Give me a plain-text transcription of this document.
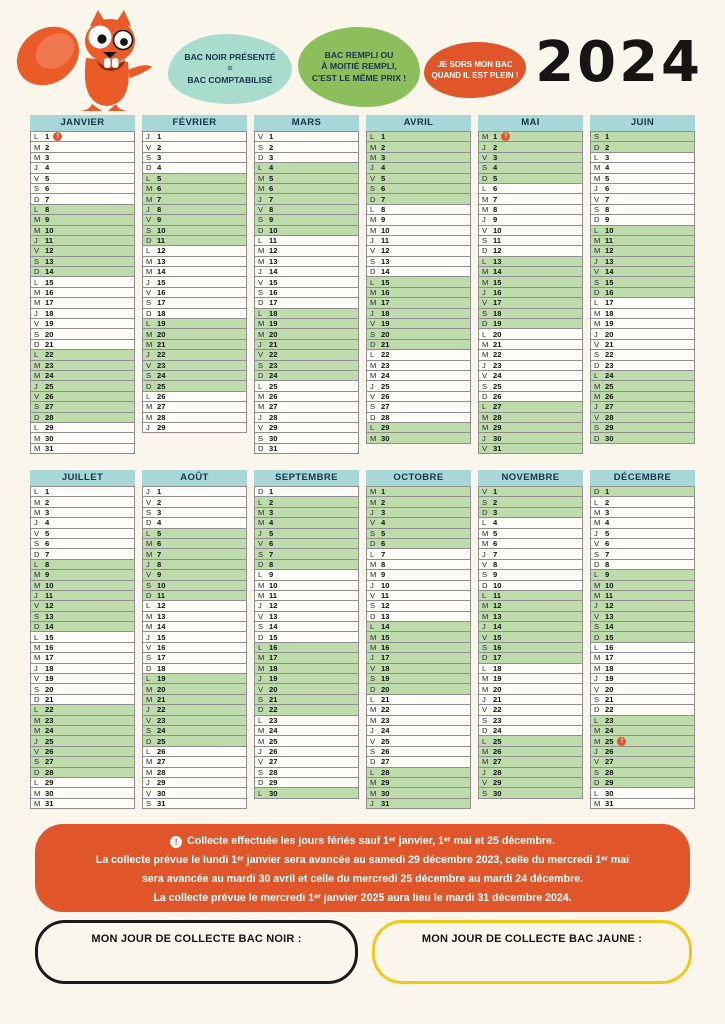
BAC NOIR PRÉSENTÉ
=
BAC COMPTABILISÉ
BAC REMPLI OU
À MOITIÉ REMPLI,
C'EST LE MÊME PRIX !
JE SORS MON BAC
QUAND IL EST PLEIN ! 2024
JANVIER
L 1	!
M 2
M 3
J 4
V 5
S 6
D 7
L 8
M 9
M 10
J 11
V 12
S 13
D 14
L 15
M 16
M 17
J 18
V 19
S 20
D 21
L 22
M 23
M 24
J 25
V 26
S 27
D 28
L 29
M 30
M 31
FÉVRIER
J 1
V 2
S 3
D 4
L 5
M 6
M 7
J 8
V 9
S 10
D 11
L 12
M 13
M 14
J 15
V 16
S 17
D 18
L 19
M 20
M 21
J 22
V 23
S 24
D 25
L 26
M 27
M 28
J 29
MARS
V 1
S 2
D 3
L 4
M 5
M 6
J 7
V 8
S 9
D 10
L 11
M 12
M 13
J 14
V 15
S 16
D 17
L 18
M 19
M 20
J 21
V 22
S 23
D 24
L 25
M 26
M 27
J 28
V 29
S 30
D 31
AVRIL
L 1
M 2
M 3
J 4
V 5
S 6
D 7
L 8
M 9
M 10
J 11
V 12
S 13
D 14
L 15
M 16
M 17
J 18
V 19
S 20
D 21
L 22
M 23
M 24
J 25
V 26
S 27
D 28
L 29
M 30
MAI
M 1	!
J 2
V 3
S 4
D 5
L 6
M 7
M 8
J 9
V 10
S 11
D 12
L 13
M 14
M 15
J 16
V 17
S 18
D 19
L 20
M 21
M 22
J 23
V 24
S 25
D 26
L 27
M 28
M 29
J 30
V 31
JUIN
S 1
D 2
L 3
M 4
M 5
J 6
V 7
S 8
D 9
L 10
M 11
M 12
J 13
V 14
S 15
D 16
L 17
M 18
M 19
J 20
V 21
S 22
D 23
L 24
M 25
M 26
J 27
V 28
S 29
D 30
JUILLET
L 1
M 2
M 3
J 4
V 5
S 6
D 7
L 8
M 9
M 10
J 11
V 12
S 13
D 14
L 15
M 16
M 17
J 18
V 19
S 20
D 21
L 22
M 23
M 24
J 25
V 26
S 27
D 28
L 29
M 30
M 31
AOÛT
J 1
V 2
S 3
D 4
L 5
M 6
M 7
J 8
V 9
S 10
D 11
L 12
M 13
M 14
J 15
V 16
S 17
D 18
L 19
M 20
M 21
J 22
V 23
S 24
D 25
L 26
M 27
M 28
J 29
V 30
S 31
SEPTEMBRE
D 1
L 2
M 3
M 4
J 5
V 6
S 7
D 8
L 9
M 10
M 11
J 12
V 13
S 14
D 15
L 16
M 17
M 18
J 19
V 20
S 21
D 22
L 23
M 24
M 25
J 26
V 27
S 28
D 29
L 30
OCTOBRE
M 1
M 2
J 3
V 4
S 5
D 6
L 7
M 8
M 9
J 10
V 11
S 12
D 13
L 14
M 15
M 16
J 17
V 18
S 19
D 20
L 21
M 22
M 23
J 24
V 25
S 26
D 27
L 28
M 29
M 30
J 31
NOVEMBRE
V 1
S 2
D 3
L 4
M 5
M 6
J 7
V 8
S 9
D 10
L 11
M 12
M 13
J 14
V 15
S 16
D 17
L 18
M 19
M 20
J 21
V 22
S 23
D 24
L 25
M 26
M 27
J 28
V 29
S 30
DÉCEMBRE
D 1
L 2
M 3
M 4
J 5
V 6
S 7
D 8
L 9
M 10
M 11
J 12
V 13
S 14
D 15
L 16
M 17
M 18
J 19
V 20
S 21
D 22
L 23
M 24
M 25	!
J 26
V 27
S 28
D 29
L 30
M 31
! Collecte effectuée les jours fériés sauf 1ᵉʳ janvier, 1ᵉʳ mai et 25 décembre.
La collecte prévue le lundi 1ᵉʳ janvier sera avancée au samedi 29 décembre 2023, celle du mercredi 1ᵉʳ mai
sera avancée au mardi 30 avril et celle du mercredi 25 décembre au mardi 24 décembre.
La collecte prévue le mercredi 1ᵉʳ janvier 2025 aura lieu le mardi 31 décembre 2024.
MON JOUR DE COLLECTE BAC NOIR :	MON JOUR DE COLLECTE BAC JAUNE :
